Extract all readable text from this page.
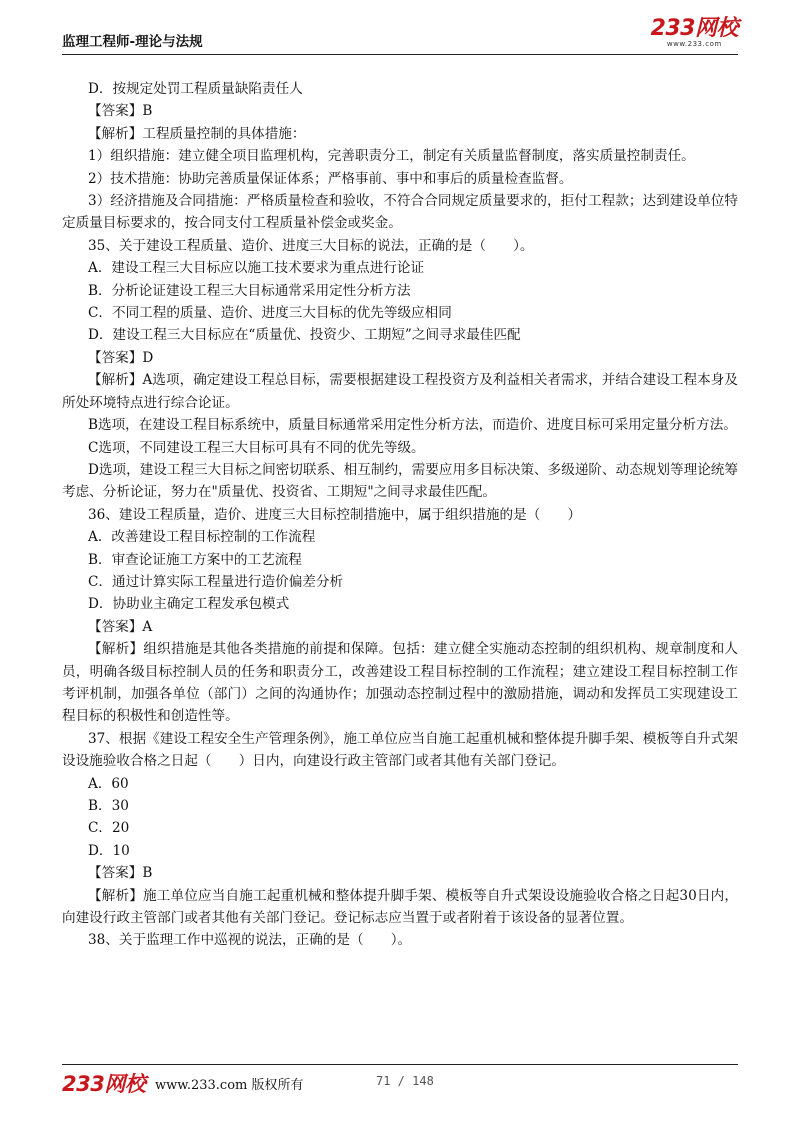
监理工程师-理论与法规
233网校
www.233.com

D．按规定处罚工程质量缺陷责任人

【答案】B

【解析】工程质量控制的具体措施：

1）组织措施：建立健全项目监理机构，完善职责分工，制定有关质量监督制度，落实质量控制责任。

2）技术措施：协助完善质量保证体系；严格事前、事中和事后的质量检查监督。

3）经济措施及合同措施：严格质量检查和验收，不符合合同规定质量要求的，拒付工程款；达到建设单位特定质量目标要求的，按合同支付工程质量补偿金或奖金。

35、关于建设工程质量、造价、进度三大目标的说法，正确的是（　　）。

A．建设工程三大目标应以施工技术要求为重点进行论证

B．分析论证建设工程三大目标通常采用定性分析方法

C．不同工程的质量、造价、进度三大目标的优先等级应相同

D．建设工程三大目标应在“质量优、投资少、工期短”之间寻求最佳匹配

【答案】D

【解析】A选项，确定建设工程总目标，需要根据建设工程投资方及利益相关者需求，并结合建设工程本身及所处环境特点进行综合论证。

B选项，在建设工程目标系统中，质量目标通常采用定性分析方法，而造价、进度目标可采用定量分析方法。

C选项，不同建设工程三大目标可具有不同的优先等级。

D选项，建设工程三大目标之间密切联系、相互制约，需要应用多目标决策、多级递阶、动态规划等理论统筹考虑、分析论证，努力在"质量优、投资省、工期短"之间寻求最佳匹配。

36、建设工程质量，造价、进度三大目标控制措施中，属于组织措施的是（　　）

A．改善建设工程目标控制的工作流程

B．审查论证施工方案中的工艺流程

C．通过计算实际工程量进行造价偏差分析

D．协助业主确定工程发承包模式

【答案】A

【解析】组织措施是其他各类措施的前提和保障。包括：建立健全实施动态控制的组织机构、规章制度和人员，明确各级目标控制人员的任务和职责分工，改善建设工程目标控制的工作流程；建立建设工程目标控制工作考评机制，加强各单位（部门）之间的沟通协作；加强动态控制过程中的激励措施，调动和发挥员工实现建设工程目标的积极性和创造性等。

37、根据《建设工程安全生产管理条例》，施工单位应当自施工起重机械和整体提升脚手架、模板等自升式架设设施验收合格之日起（　　）日内，向建设行政主管部门或者其他有关部门登记。

A．60

B．30

C．20

D．10

【答案】B

【解析】施工单位应当自施工起重机械和整体提升脚手架、模板等自升式架设设施验收合格之日起30日内，向建设行政主管部门或者其他有关部门登记。登记标志应当置于或者附着于该设备的显著位置。

38、关于监理工作中巡视的说法，正确的是（　　）。

233网校 www.233.com 版权所有	71 / 148
